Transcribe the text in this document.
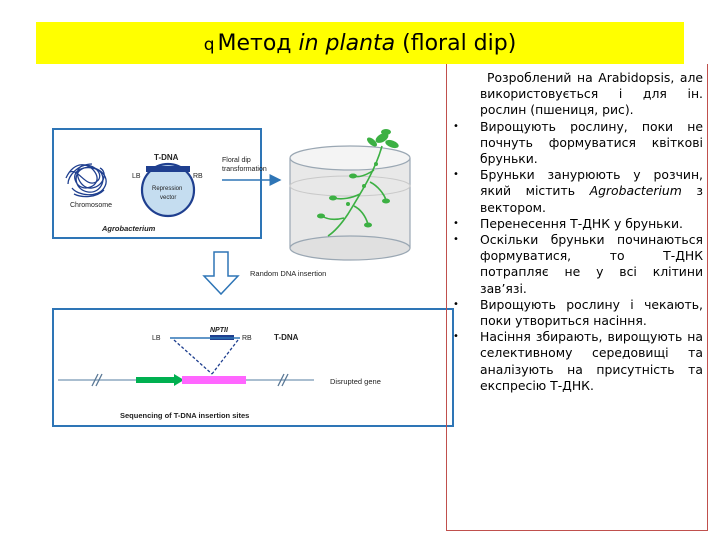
q Метод in planta (floral dip)
Chromosome
T-DNA
LB	RB
Repression
vector
Agrobacterium
Floral dip
transformation
Random DNA insertion
NPTII
LB	RB	T-DNA
Disrupted gene
Sequencing of T-DNA insertion sites
Розроблений на Arabidopsis, але використовується і для ін. рослин (пшениця, рис).
• Вирощують рослину, поки не почнуть формуватися квіткові бруньки.
• Бруньки занурюють у розчин, який містить Agrobacterium з вектором.
• Перенесення Т-ДНК у бруньки.
• Оскільки бруньки починаються формуватися, то Т-ДНК потрапляє не у всі клітини зав’язі.
• Вирощують рослину і чекають, поки утвориться насіння.
• Насіння збирають, вирощують на селективному середовищі та аналізують на присутність та експресію Т-ДНК.
